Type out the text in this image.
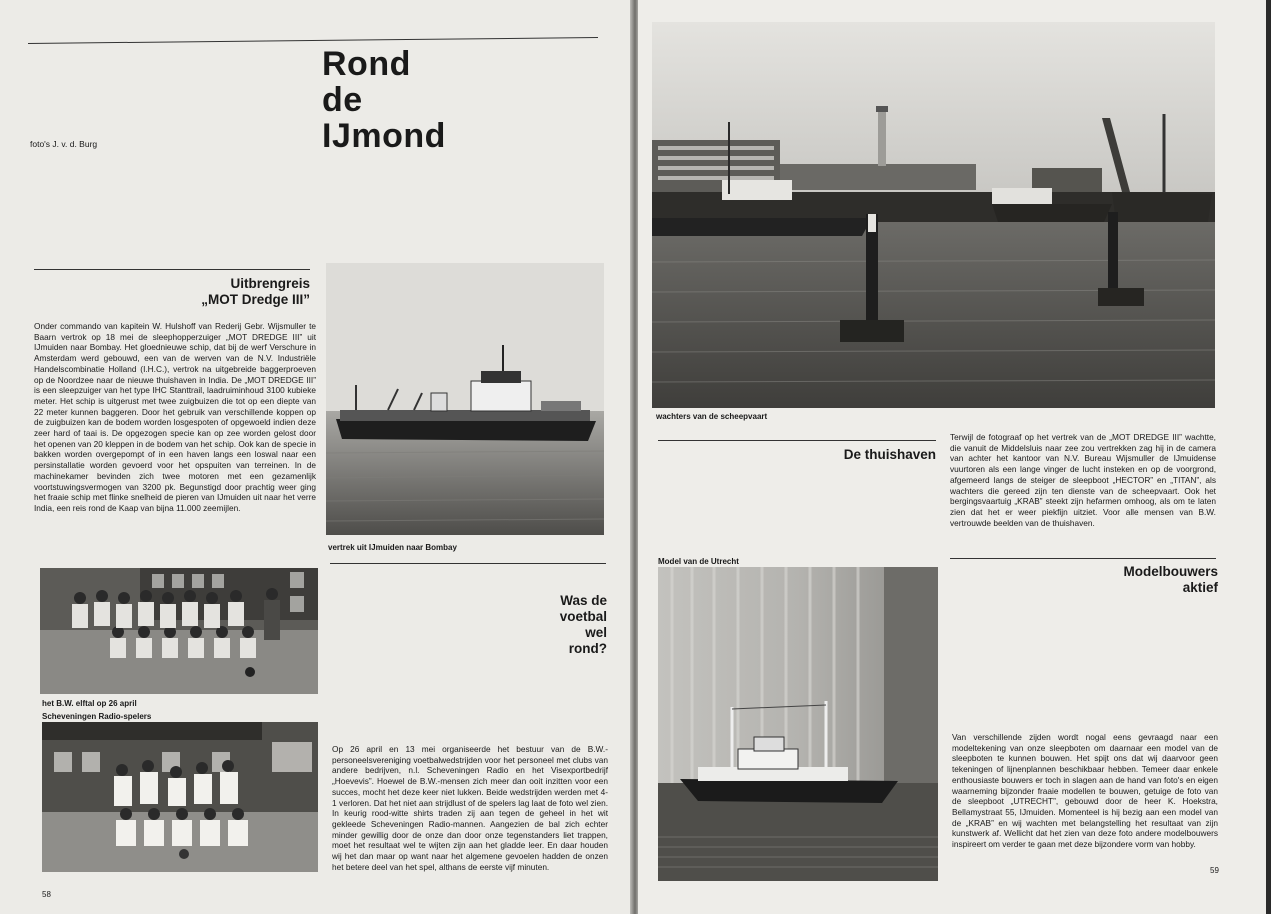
Rond
de
IJmond
foto's J. v. d. Burg
Uitbrengreis
„MOT Dredge III”
Onder commando van kapitein W. Hulshoff van Rederij Gebr. Wijsmuller te Baarn vertrok op 18 mei de sleephopperzuiger „MOT DREDGE III” uit IJmuiden naar Bombay. Het gloednieuwe schip, dat bij de werf Verschure in Amsterdam werd gebouwd, een van de werven van de N.V. Industriële Handelscombinatie Holland (I.H.C.), vertrok na uitgebreide baggerproeven op de Noordzee naar de nieuwe thuishaven in India. De „MOT DREDGE III” is een sleepzuiger van het type IHC Stanttrail, laadruiminhoud 3100 kubieke meter. Het schip is uitgerust met twee zuigbuizen die tot op een diepte van 22 meter kunnen baggeren. Door het gebruik van verschillende koppen op de zuigbuizen kan de bodem worden losgespoten of opgewoeld indien deze zeer hard of taai is. De opgezogen specie kan op zee worden gelost door het openen van 20 kleppen in de bodem van het schip. Ook kan de specie in bakken worden overgepompt of in een haven langs een loswal naar een persinstallatie worden gevoerd voor het opspuiten van terreinen. In de machinekamer bevinden zich twee motoren met een gezamenlijk voortstuwingsvermogen van 3200 pk. Begunstigd door prachtig weer ging het fraaie schip met flinke snelheid de pieren van IJmuiden uit naar het verre India, een reis rond de Kaap van bijna 11.000 zeemijlen.
vertrek uit IJmuiden naar Bombay
Was de
voetbal
wel
rond?
het B.W. elftal op 26 april
Scheveningen Radio-spelers
Op 26 april en 13 mei organiseerde het bestuur van de B.W.-personeelsvereniging voetbalwedstrijden voor het personeel met clubs van andere bedrijven, n.l. Scheveningen Radio en het Visexportbedrijf „Hoevevis”. Hoewel de B.W.-mensen zich meer dan ooit inzitten voor een succes, mocht het deze keer niet lukken. Beide wedstrijden werden met 4-1 verloren. Dat het niet aan strijdlust of de spelers lag laat de foto wel zien. In keurig rood-witte shirts traden zij aan tegen de geheel in het wit gekleede Scheveningen Radio-mannen. Aangezien de bal zich echter minder gewillig door de onze dan door onze tegenstanders liet trappen, moet het resultaat wel te wijten zijn aan het gladde leer. En daar houden wij het dan maar op want naar het algemene gevoelen hadden de onzen het betere deel van het spel, althans de eerste vijf minuten.
58
wachters van de scheepvaart
De thuishaven
Terwijl de fotograaf op het vertrek van de „MOT DREDGE III” wachtte, die vanuit de Middelsluis naar zee zou vertrekken zag hij in de camera van achter het kantoor van N.V. Bureau Wijsmuller de IJmuidense vuurtoren als een lange vinger de lucht insteken en op de voorgrond, afgemeerd langs de steiger de sleepboot „HECTOR” en „TITAN”, als wachters die gereed zijn ten dienste van de scheepvaart. Ook het bergingsvaartuig „KRAB” steekt zijn hefarmen omhoog, als om te laten zien dat het er weer piekfijn uitziet. Voor alle mensen van B.W. vertrouwde beelden van de thuishaven.
Model van de Utrecht
Modelbouwers
aktief
Van verschillende zijden wordt nogal eens gevraagd naar een modeltekening van onze sleepboten om daarnaar een model van de sleepboten te kunnen bouwen. Het spijt ons dat wij daarvoor geen tekeningen of lijnenplannen beschikbaar hebben. Temeer daar enkele enthousiaste bouwers er toch in slagen aan de hand van foto's en eigen waarneming bijzonder fraaie modellen te bouwen, getuige de foto van de sleepboot „UTRECHT”, gebouwd door de heer K. Hoekstra, Bellamystraat 55, IJmuiden. Momenteel is hij bezig aan een model van de „KRAB” en wij wachten met belangstelling het resultaat van zijn kunstwerk af. Wellicht dat het zien van deze foto andere modelbouwers inspireert om verder te gaan met deze bijzondere vorm van hobby.
59
